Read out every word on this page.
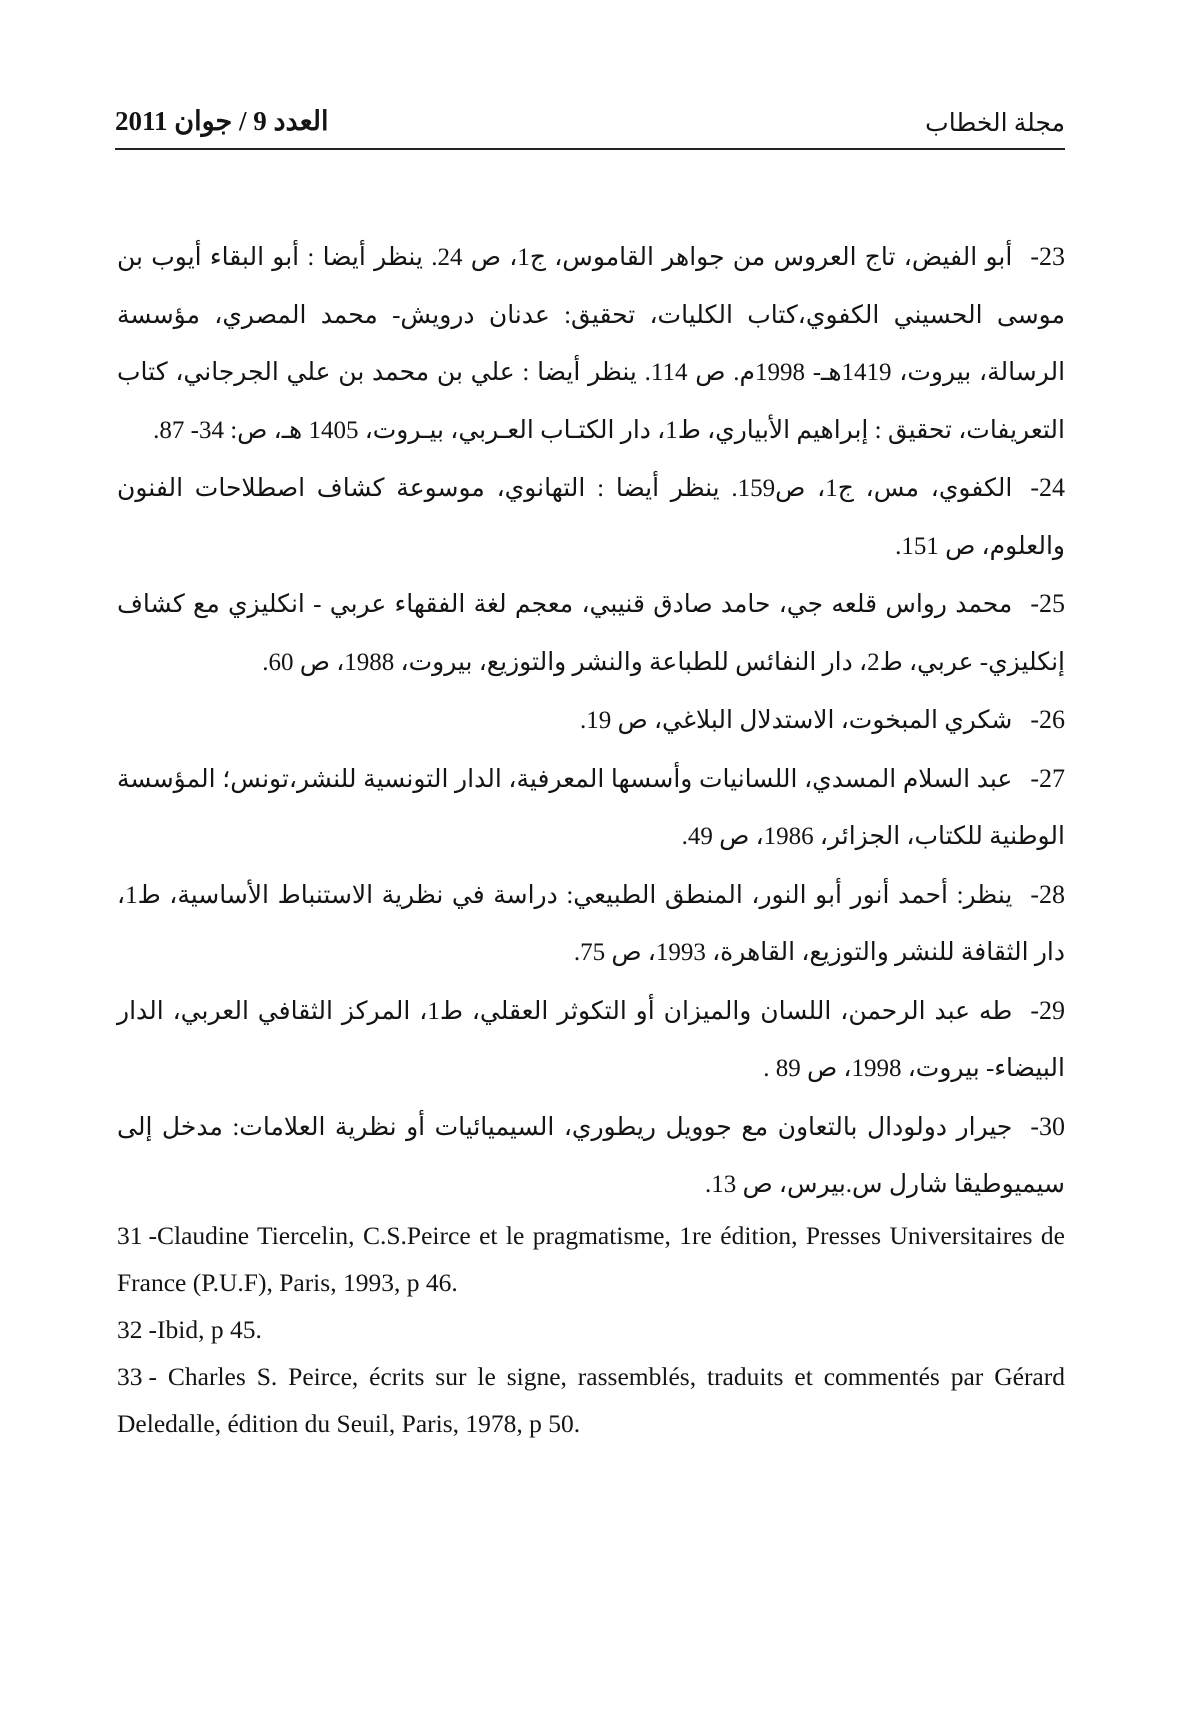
مجلة الخطاب
العدد 9 / جوان 2011

23-أبو الفيض، تاج العروس من جواهر القاموس، ج1، ص 24. ينظر أيضا : أبو البقاء أيوب بن موسى الحسيني الكفوي،كتاب الكليات، تحقيق: عدنان درويش- محمد المصري، مؤسسة الرسالة، بيروت، 1419هـ- 1998م. ص 114. ينظر أيضا : علي بن محمد بن علي الجرجاني، كتاب التعريفات، تحقيق : إبراهيم الأبياري، ط1، دار الكتـاب العـربي، بيـروت، 1405 هـ، ص: 34- 87.

24-الكفوي، مس، ج1، ص159. ينظر أيضا : التهانوي، موسوعة كشاف اصطلاحات الفنون والعلوم، ص 151.

25-محمد رواس قلعه جي، حامد صادق قنيبي، معجم لغة الفقهاء عربي - انكليزي مع كشاف إنكليزي- عربي، ط2، دار النفائس للطباعة والنشر والتوزيع، بيروت، 1988، ص 60.

26-شكري المبخوت، الاستدلال البلاغي، ص 19.

27-عبد السلام المسدي، اللسانيات وأسسها المعرفية، الدار التونسية للنشر،تونس؛ المؤسسة الوطنية للكتاب، الجزائر، 1986، ص 49.

28-ينظر: أحمد أنور أبو النور، المنطق الطبيعي: دراسة في نظرية الاستنباط الأساسية، ط1، دار الثقافة للنشر والتوزيع، القاهرة، 1993، ص 75.

29-طه عبد الرحمن، اللسان والميزان أو التكوثر العقلي، ط1، المركز الثقافي العربي، الدار البيضاء- بيروت، 1998، ص 89 .

30-جيرار دولودال بالتعاون مع جوويل ريطوري، السيميائيات أو نظرية العلامات: مدخل إلى سيميوطيقا شارل س.بيرس، ص 13.

31 -Claudine Tiercelin, C.S.Peirce et le pragmatisme, 1re édition, Presses Universitaires de France (P.U.F), Paris, 1993, p 46.

32 -Ibid, p 45.

33 - Charles S. Peirce, écrits sur le signe, rassemblés, traduits et commentés par Gérard Deledalle, édition du Seuil, Paris, 1978, p 50.
